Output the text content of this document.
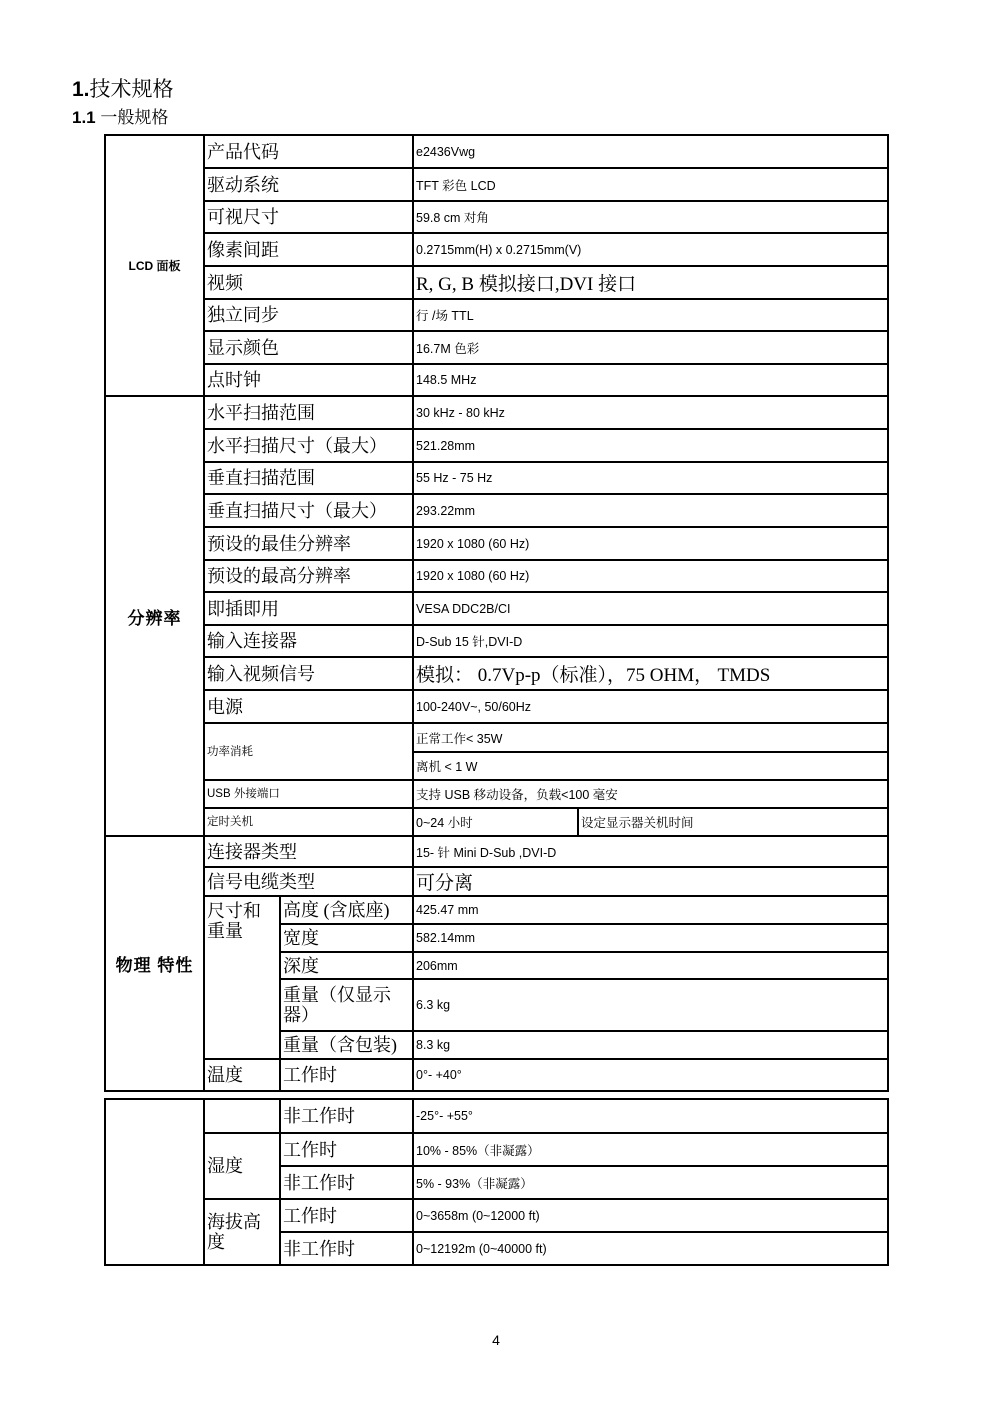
1.技术规格
1.1 一般规格
LCD 面板	产品代码		e2436Vwg	
	驱动系统		TFT 彩色 LCD	
	可视尺寸		59.8 cm 对角	
	像素间距		0.2715mm(H) x 0.2715mm(V)	
	视频		R, G, B 模拟接口,DVI 接口	
	独立同步		行 /场 TTL	
	显示颜色		16.7M 色彩	
	点时钟		148.5 MHz	
分辨率	水平扫描范围		30 kHz - 80 kHz	
	水平扫描尺寸（最大）		521.28mm	
	垂直扫描范围		55 Hz - 75 Hz	
	垂直扫描尺寸（最大）		293.22mm	
	预设的最佳分辨率		1920 x 1080 (60 Hz)	
	预设的最高分辨率		1920 x 1080 (60 Hz)	
	即插即用		VESA DDC2B/CI	
	输入连接器		D-Sub 15 针,DVI-D	
	输入视频信号		模拟： 0.7Vp-p（标准），75 OHM， TMDS	
	电源		100-240V~, 50/60Hz	
	功率消耗		正常工作< 35W	
			离机 < 1 W	
	USB 外接端口		支持 USB 移动设备，负载<100 毫安	
	定时关机		0~24 小时	设定显示器关机时间
物理 特性	连接器类型		15- 针 Mini D-Sub ,DVI-D	
	信号电缆类型		可分离	
	尺寸和重量	高度 (含底座)	425.47 mm	
		宽度	582.14mm	
		深度	206mm	
		重量（仅显示器）	6.3 kg	
		重量（含包装)	8.3 kg	
	温度	工作时	0°- +40°	
		非工作时	-25°- +55°
	湿度	工作时	10% - 85%（非凝露）
		非工作时	5% - 93%（非凝露）
	海拔高度	工作时	0~3658m (0~12000 ft)
		非工作时	0~12192m (0~40000 ft)
4
